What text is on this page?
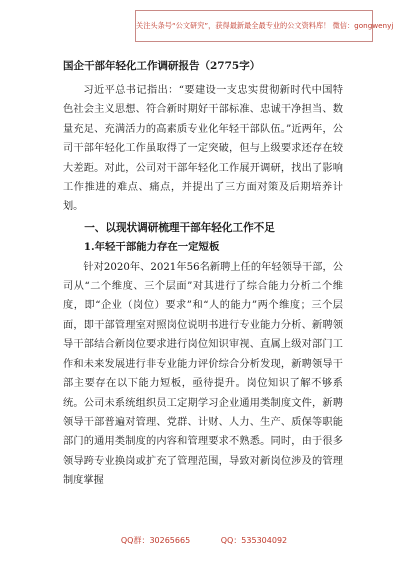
关注头条号“公文研究”，获得最新最全最专业的公文资料库！ 微信：gongwenyj
国企干部年轻化工作调研报告（2775字）

习近平总书记指出：“要建设一支忠实贯彻新时代中国特色社会主义思想、符合新时期好干部标准、忠诚干净担当、数量充足、充满活力的高素质专业化年轻干部队伍。”近两年，公司干部年轻化工作虽取得了一定突破，但与上级要求还存在较大差距。对此，公司对干部年轻化工作展开调研，找出了影响工作推进的难点、痛点，并提出了三方面对策及后期培养计划。

一、以现状调研梳理干部年轻化工作不足
1.年轻干部能力存在一定短板

针对2020年、2021年56名新聘上任的年轻领导干部，公司从“二个维度、三个层面”对其进行了综合能力分析二个维度，即“企业（岗位）要求”和“人的能力”两个维度；三个层面，即干部管理室对照岗位说明书进行专业能力分析、新聘领导干部结合新岗位要求进行岗位知识审视、直属上级对部门工作和未来发展进行非专业能力评价综合分析发现，新聘领导干部主要存在以下能力短板，亟待提升。岗位知识了解不够系统。公司未系统组织员工定期学习企业通用类制度文件，新聘领导干部普遍对管理、党群、计财、人力、生产、质保等职能部门的通用类制度的内容和管理要求不熟悉。同时，由于很多领导跨专业换岗或扩充了管理范围，导致对新岗位涉及的管理制度掌握

QQ群：30265665	QQ：535304092
